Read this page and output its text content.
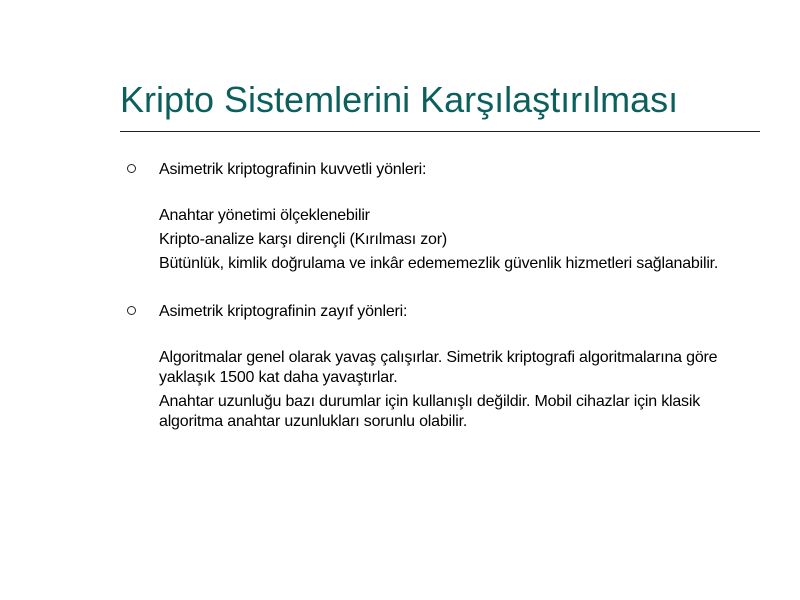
Kripto Sistemlerini Karşılaştırılması
Asimetrik kriptografinin kuvvetli yönleri:
Anahtar yönetimi ölçeklenebilir
Kripto-analize karşı dirençli (Kırılması zor)
Bütünlük, kimlik doğrulama ve inkâr edememezlik güvenlik hizmetleri sağlanabilir.
Asimetrik kriptografinin zayıf yönleri:
Algoritmalar genel olarak yavaş çalışırlar. Simetrik kriptografi algoritmalarına göre yaklaşık 1500 kat daha yavaştırlar.
Anahtar uzunluğu bazı durumlar için kullanışlı değildir. Mobil cihazlar için klasik algoritma anahtar uzunlukları sorunlu olabilir.
